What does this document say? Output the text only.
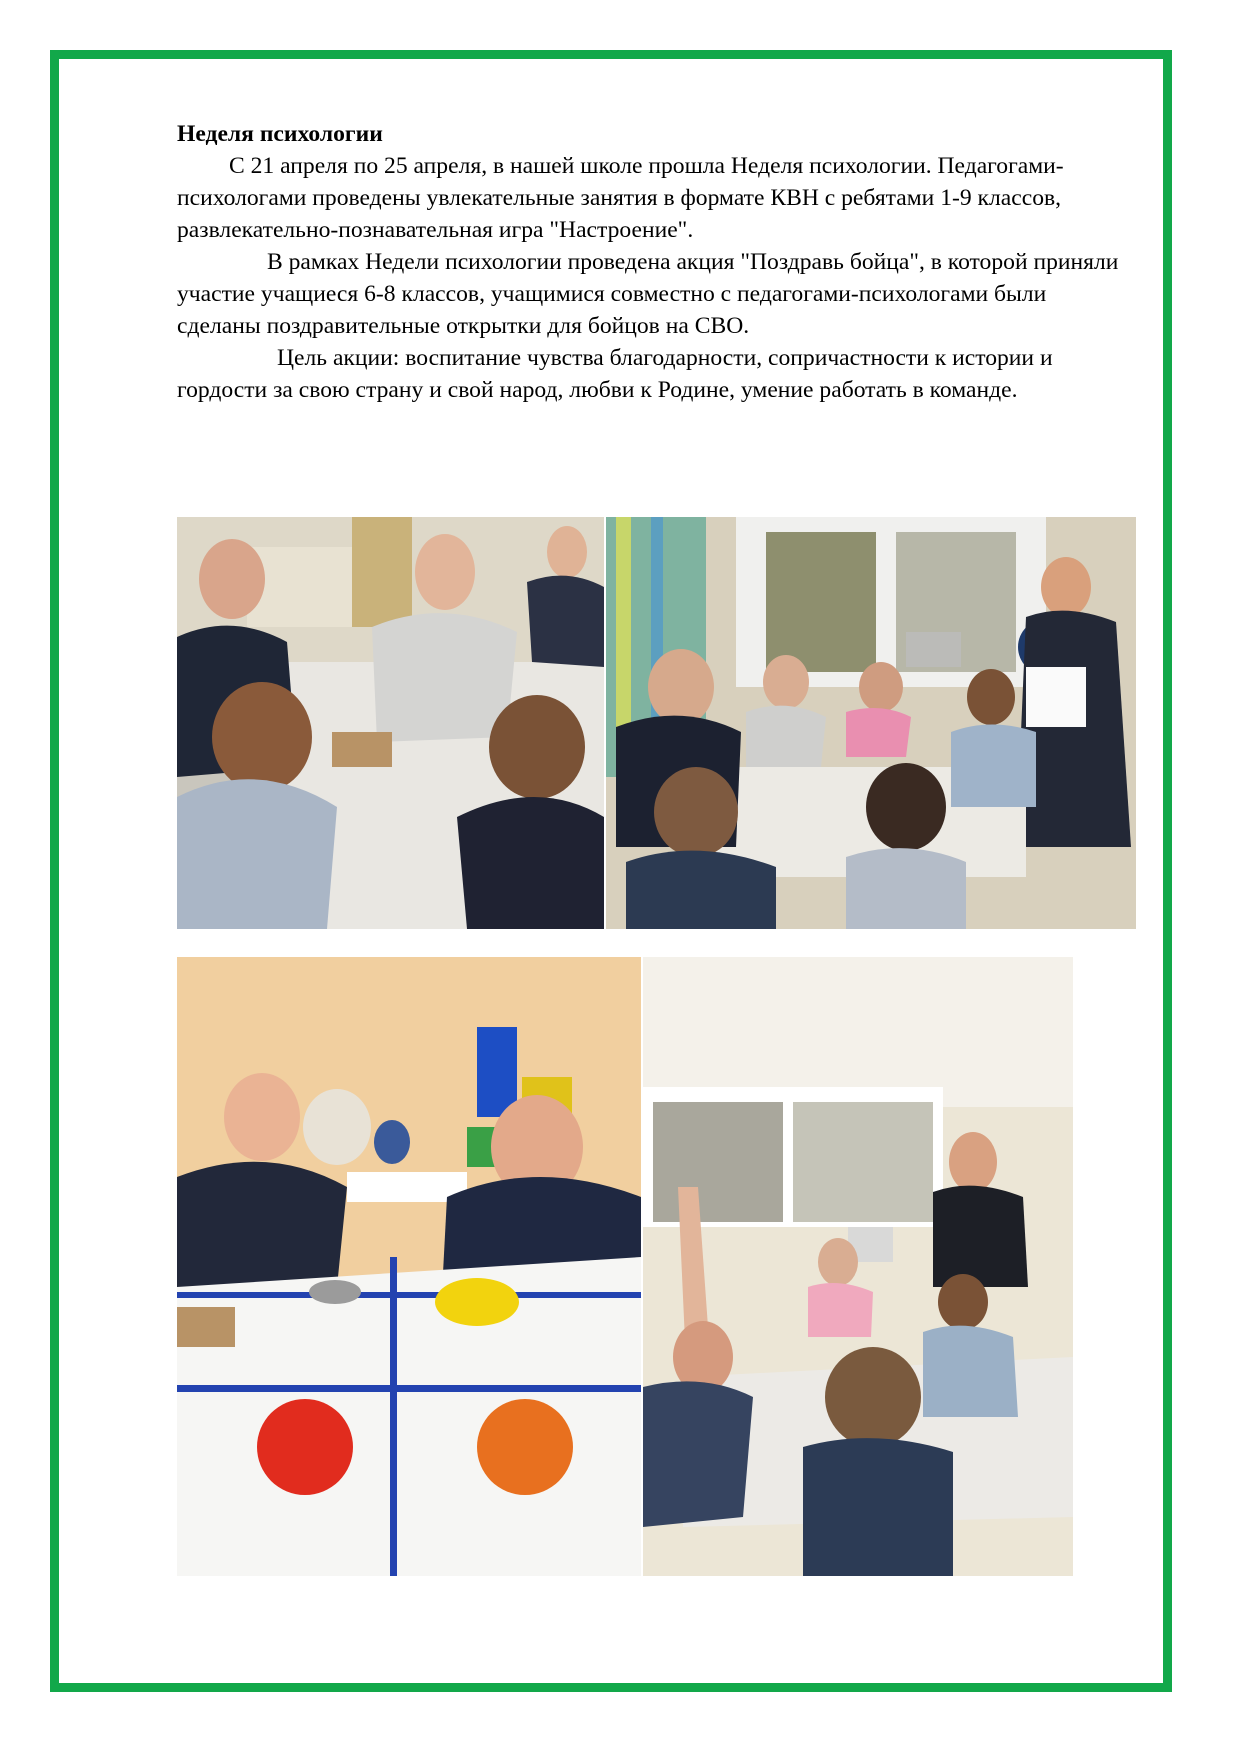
Неделя психологии
С 21 апреля по 25 апреля, в нашей школе прошла Неделя психологии. Педагогами-психологами проведены увлекательные занятия в формате КВН с ребятами 1-9 классов, развлекательно-познавательная игра "Настроение".
В рамках Недели психологии проведена акция "Поздравь бойца", в которой приняли участие учащиеся 6-8 классов, учащимися совместно с педагогами-психологами были сделаны поздравительные открытки для бойцов на СВО.
Цель акции: воспитание чувства благодарности, сопричастности к истории и гордости за свою страну и свой народ, любви к Родине, умение работать в команде.
